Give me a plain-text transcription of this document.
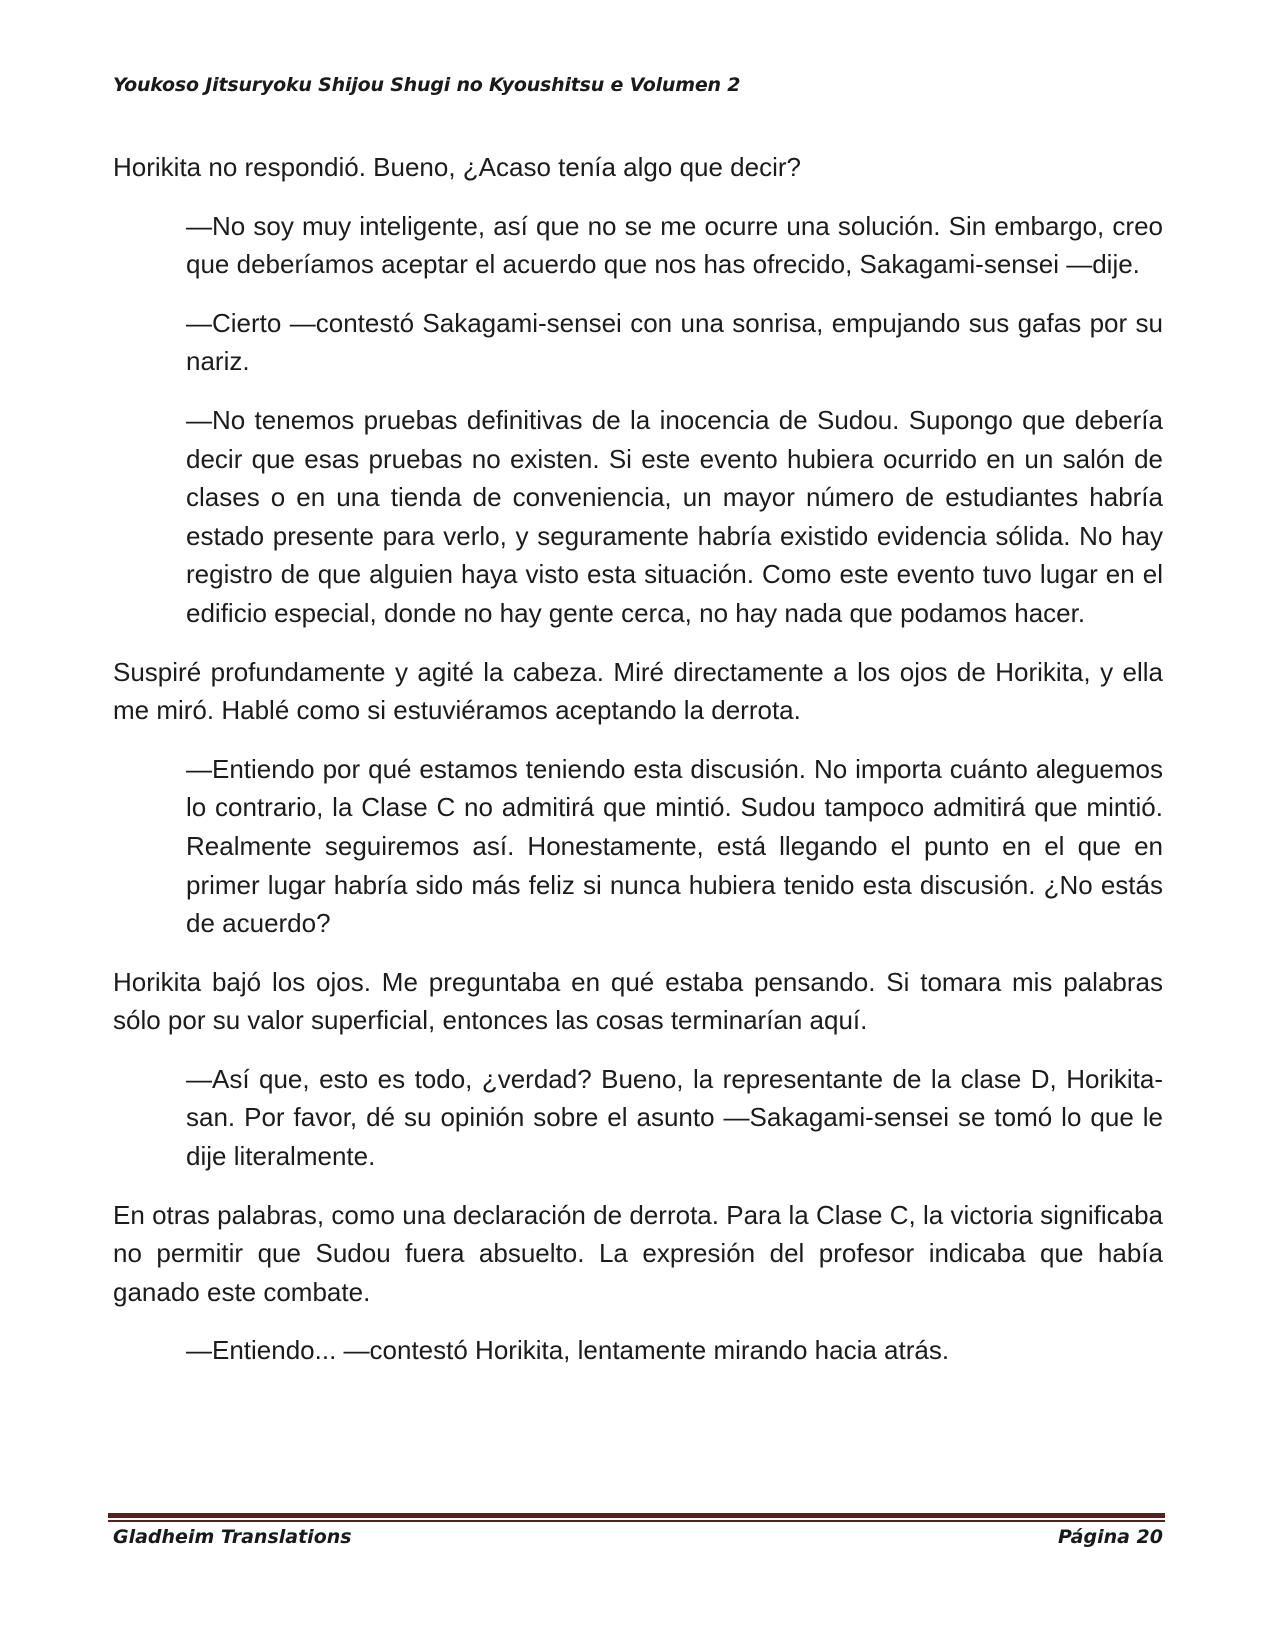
Youkoso Jitsuryoku Shijou Shugi no Kyoushitsu e Volumen 2

Horikita no respondió. Bueno, ¿Acaso tenía algo que decir?

—No soy muy inteligente, así que no se me ocurre una solución. Sin embargo, creo que deberíamos aceptar el acuerdo que nos has ofrecido, Sakagami-sensei —dije.

—Cierto —contestó Sakagami-sensei con una sonrisa, empujando sus gafas por su nariz.

—No tenemos pruebas definitivas de la inocencia de Sudou. Supongo que debería decir que esas pruebas no existen. Si este evento hubiera ocurrido en un salón de clases o en una tienda de conveniencia, un mayor número de estudiantes habría estado presente para verlo, y seguramente habría existido evidencia sólida. No hay registro de que alguien haya visto esta situación. Como este evento tuvo lugar en el edificio especial, donde no hay gente cerca, no hay nada que podamos hacer.

Suspiré profundamente y agité la cabeza. Miré directamente a los ojos de Horikita, y ella me miró. Hablé como si estuviéramos aceptando la derrota.

—Entiendo por qué estamos teniendo esta discusión. No importa cuánto aleguemos lo contrario, la Clase C no admitirá que mintió. Sudou tampoco admitirá que mintió. Realmente seguiremos así. Honestamente, está llegando el punto en el que en primer lugar habría sido más feliz si nunca hubiera tenido esta discusión. ¿No estás de acuerdo?

Horikita bajó los ojos. Me preguntaba en qué estaba pensando. Si tomara mis palabras sólo por su valor superficial, entonces las cosas terminarían aquí.

—Así que, esto es todo, ¿verdad? Bueno, la representante de la clase D, Horikita-san. Por favor, dé su opinión sobre el asunto —Sakagami-sensei se tomó lo que le dije literalmente.

En otras palabras, como una declaración de derrota. Para la Clase C, la victoria significaba no permitir que Sudou fuera absuelto. La expresión del profesor indicaba que había ganado este combate.

—Entiendo... —contestó Horikita, lentamente mirando hacia atrás.

Gladheim Translations	Página 20
